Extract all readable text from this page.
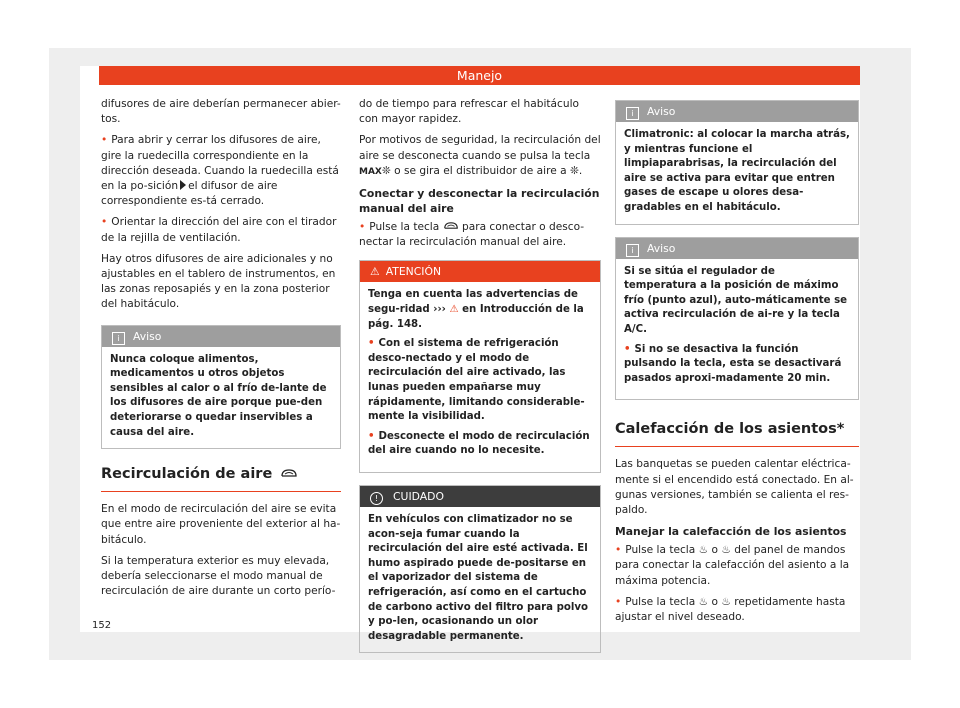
Manejo

difusores de aire deberían permanecer abier-tos.

• Para abrir y cerrar los difusores de aire, gire la ruedecilla correspondiente en la dirección deseada. Cuando la ruedecilla está en la po-sición el difusor de aire correspondiente es-tá cerrado.

• Orientar la dirección del aire con el tirador de la rejilla de ventilación.

Hay otros difusores de aire adicionales y no ajustables en el tablero de instrumentos, en las zonas reposapiés y en la zona posterior del habitáculo.

i Aviso
Nunca coloque alimentos, medicamentos u otros objetos sensibles al calor o al frío de-lante de los difusores de aire porque pue-den deteriorarse o quedar inservibles a causa del aire.
Recirculación de aire

En el modo de recirculación del aire se evita que entre aire proveniente del exterior al ha-bitáculo.

Si la temperatura exterior es muy elevada, debería seleccionarse el modo manual de recirculación de aire durante un corto perío-

do de tiempo para refrescar el habitáculo con mayor rapidez.

Por motivos de seguridad, la recirculación del aire se desconecta cuando se pulsa la tecla MAX❊ o se gira el distribuidor de aire a ❊.

Conectar y desconectar la recirculación manual del aire

• Pulse la tecla para conectar o desco-nectar la recirculación manual del aire.

⚠ ATENCIÓN

Tenga en cuenta las advertencias de segu-ridad ››› ⚠ en Introducción de la pág. 148.

• Con el sistema de refrigeración desco-nectado y el modo de recirculación del aire activado, las lunas pueden empañarse muy rápidamente, limitando considerable-mente la visibilidad.

• Desconecte el modo de recirculación del aire cuando no lo necesite.

! CUIDADO
En vehículos con climatizador no se acon-seja fumar cuando la recirculación del aire esté activada. El humo aspirado puede de-positarse en el vaporizador del sistema de refrigeración, así como en el cartucho de carbono activo del filtro para polvo y po-len, ocasionando un olor desagradable permanente.
i Aviso
Climatronic: al colocar la marcha atrás, y mientras funcione el limpiaparabrisas, la recirculación del aire se activa para evitar que entren gases de escape u olores desa-gradables en el habitáculo.
i Aviso

Si se sitúa el regulador de temperatura a la posición de máximo frío (punto azul), auto-máticamente se activa recirculación de ai-re y la tecla A/C.

• Si no se desactiva la función pulsando la tecla, esta se desactivará pasados aproxi-madamente 20 min.

Calefacción de los asientos*

Las banquetas se pueden calentar eléctrica-mente si el encendido está conectado. En al-gunas versiones, también se calienta el res-paldo.

Manejar la calefacción de los asientos

• Pulse la tecla ♨ o ♨ del panel de mandos para conectar la calefacción del asiento a la máxima potencia.

• Pulse la tecla ♨ o ♨ repetidamente hasta ajustar el nivel deseado.

152
